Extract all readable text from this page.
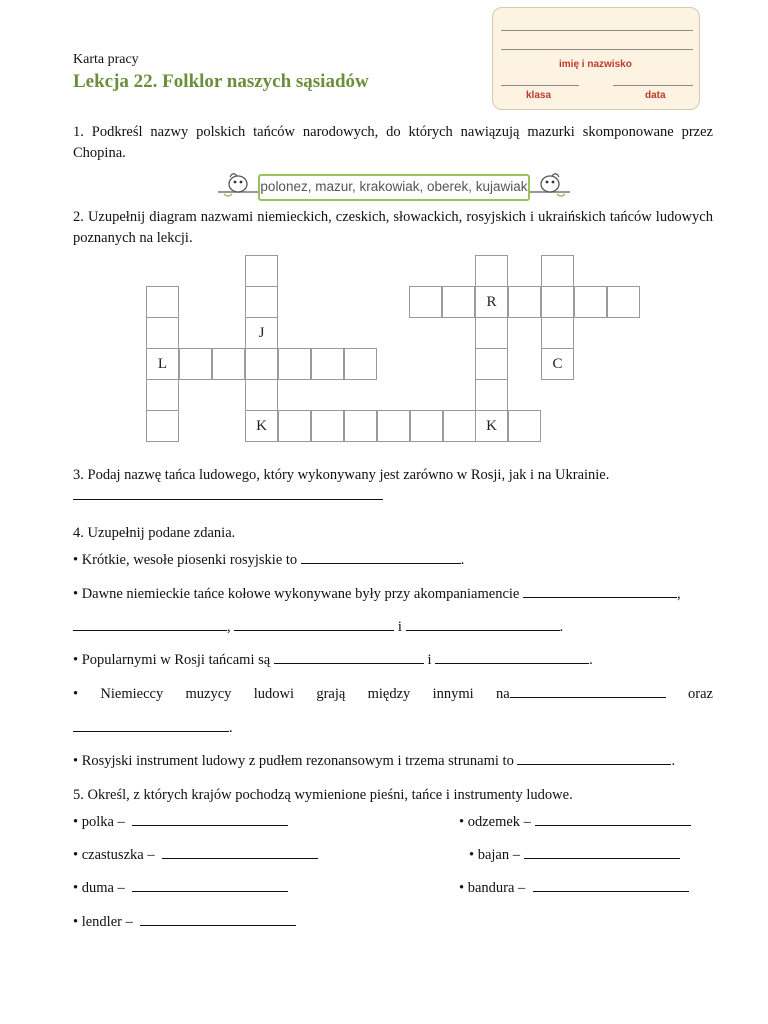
imię i nazwisko
klasa	data
Karta pracy
Lekcja 22. Folklor naszych sąsiadów
1. Podkreśl nazwy polskich tańców narodowych, do których nawiązują mazurki skomponowane przez Chopina.
polonez, mazur, krakowiak, oberek, kujawiak
2. Uzupełnij diagram nazwami niemieckich, czeskich, słowackich, rosyjskich i ukraińskich tańców ludowych poznanych na lekcji.
L
J
K	K
R
C
3. Podaj nazwę tańca ludowego, który wykonywany jest zarówno w Rosji, jak i na Ukrainie.
4. Uzupełnij podane zdania.
• Krótkie, wesołe piosenki rosyjskie to	.
• Dawne niemieckie tańce kołowe wykonywane były przy akompaniamencie	,
,	i	.
• Popularnymi w Rosji tańcami są	i	.
• Niemieccy muzycy ludowi grają między innymi na	oraz
.
• Rosyjski instrument ludowy z pudłem rezonansowym i trzema strunami to	.
5. Określ, z których krajów pochodzą wymienione pieśni, tańce i instrumenty ludowe.
• polka –
• czastuszka –
• duma –
• lendler –
• odzemek –
• bajan –
• bandura –
